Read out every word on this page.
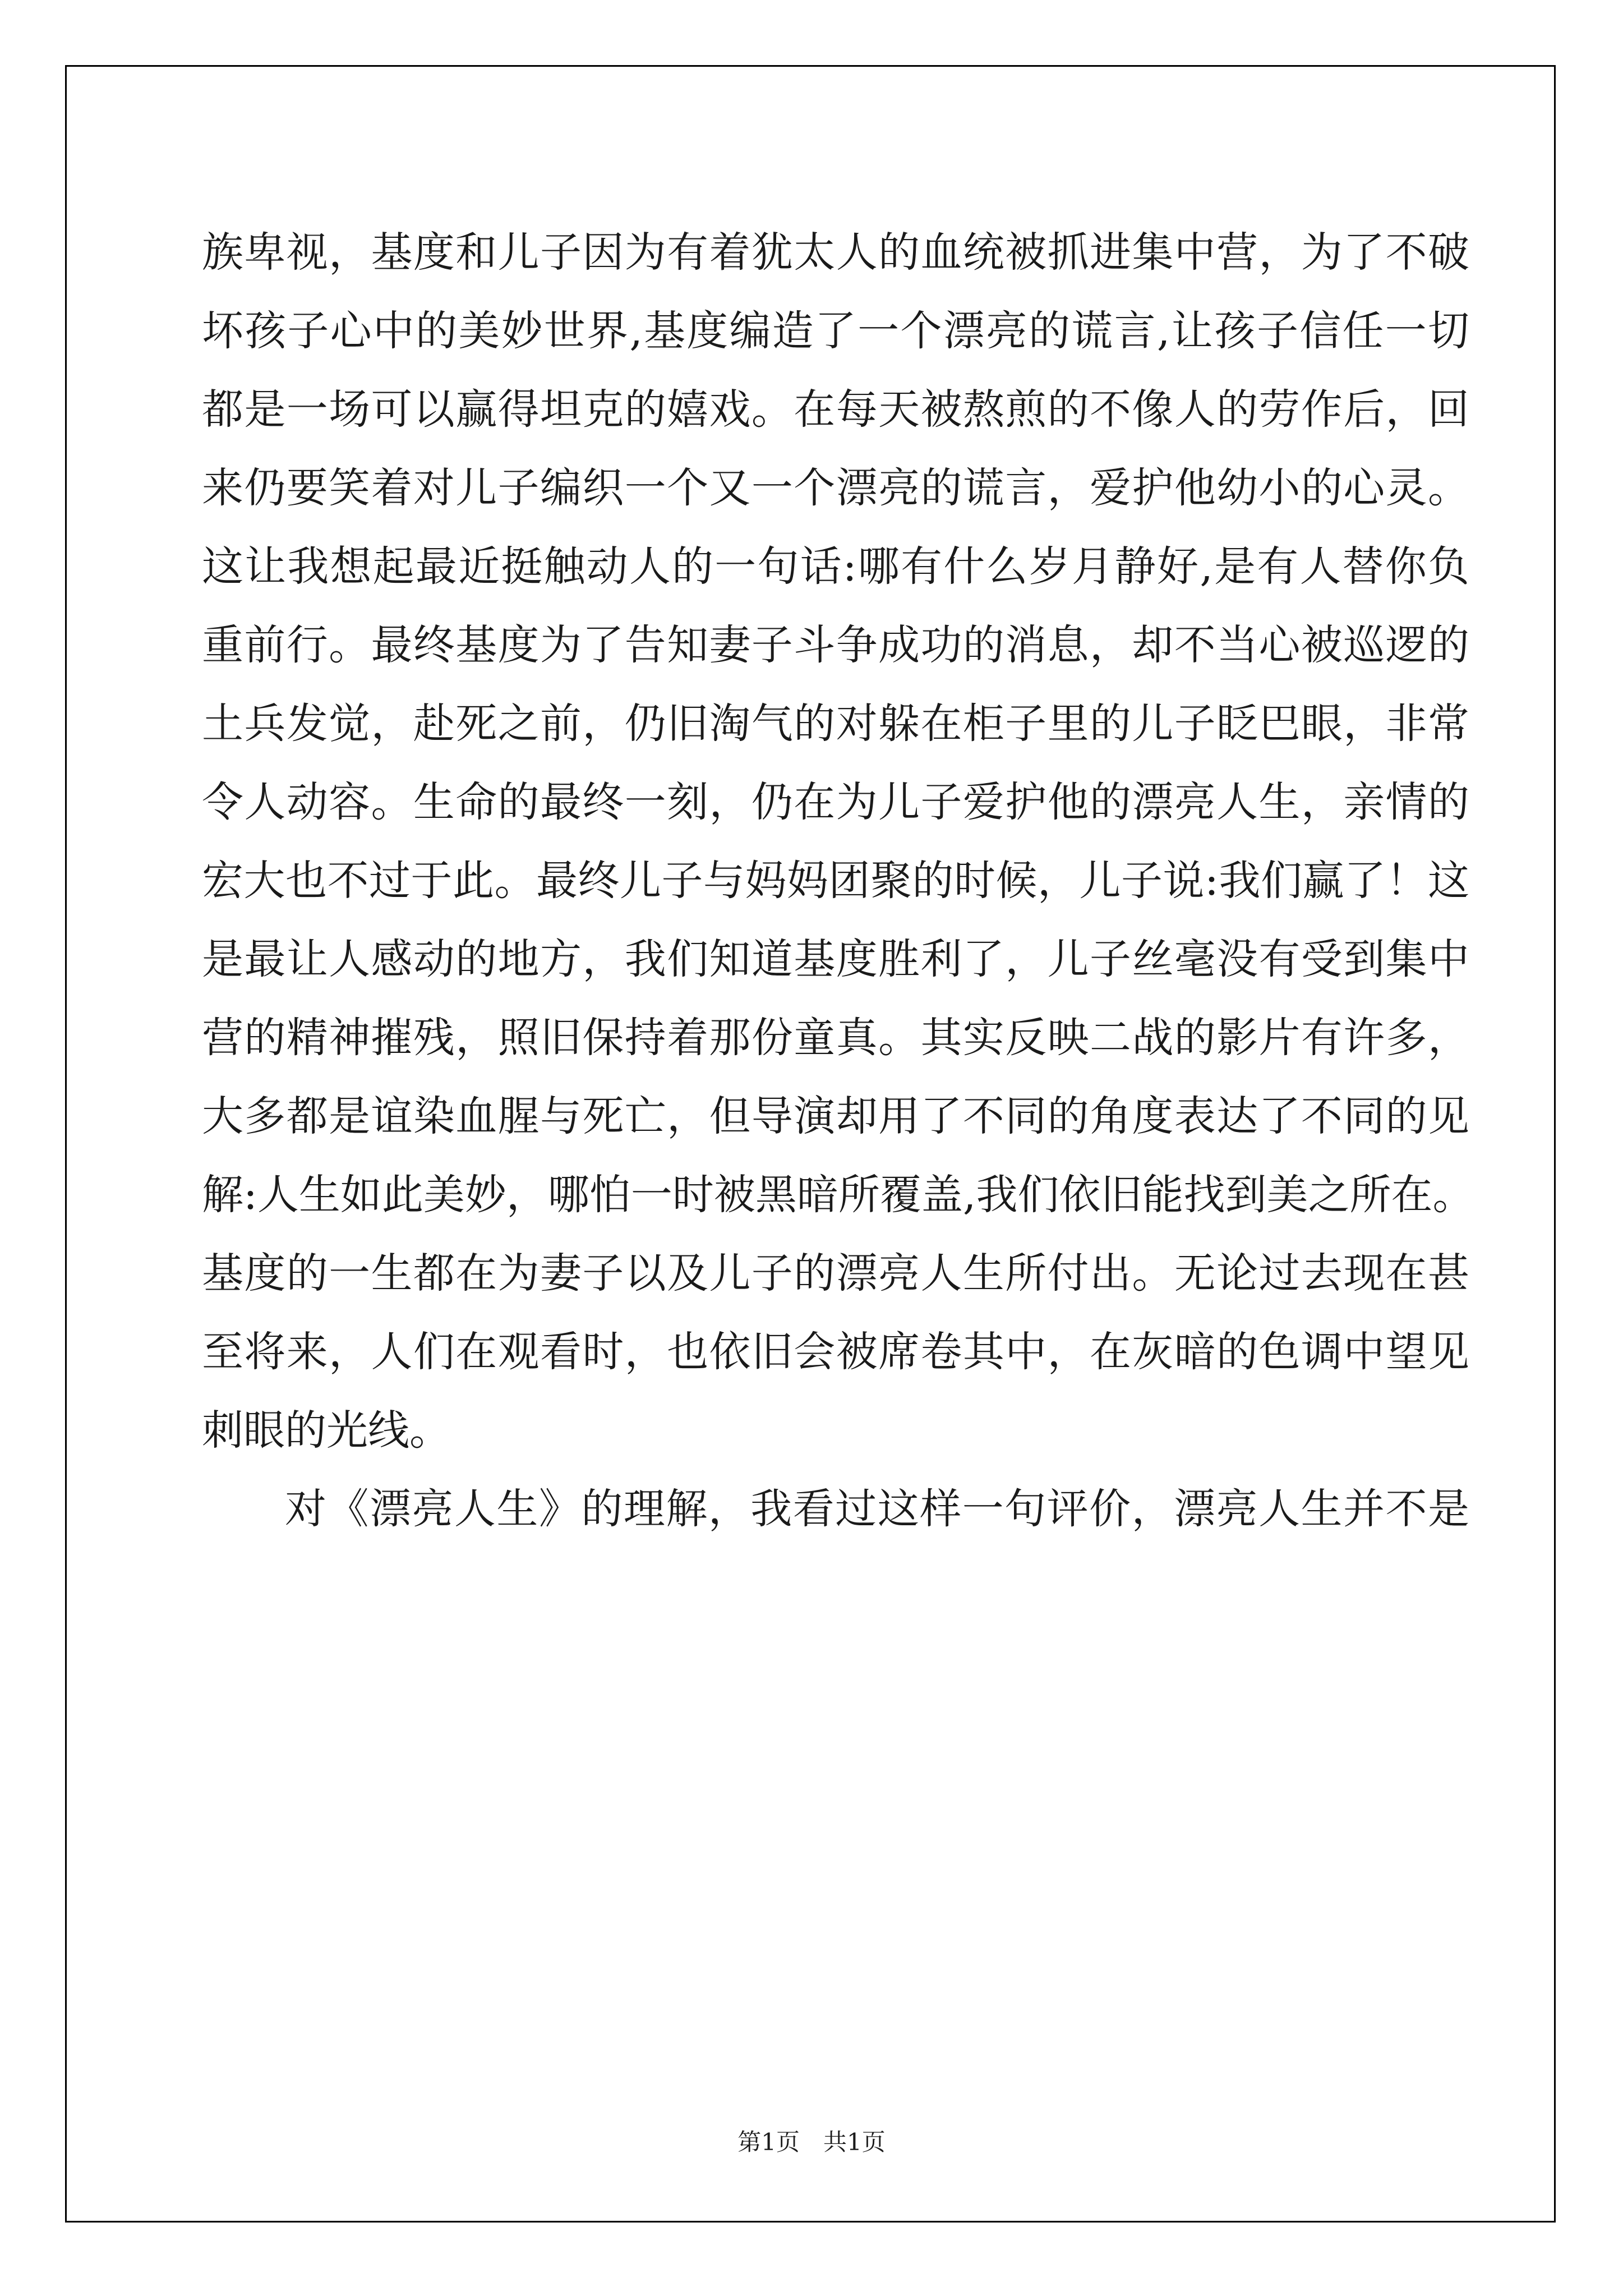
族卑视，基度和儿子因为有着犹太人的血统被抓进集中营，为了不破
坏孩子心中的美妙世界,基度编造了一个漂亮的谎言,让孩子信任一切
都是一场可以赢得坦克的嬉戏。在每天被熬煎的不像人的劳作后，回
来仍要笑着对儿子编织一个又一个漂亮的谎言，爱护他幼小的心灵。
这让我想起最近挺触动人的一句话:哪有什么岁月静好,是有人替你负
重前行。最终基度为了告知妻子斗争成功的消息，却不当心被巡逻的
土兵发觉，赴死之前，仍旧淘气的对躲在柜子里的儿子眨巴眼，非常
令人动容。生命的最终一刻，仍在为儿子爱护他的漂亮人生，亲情的
宏大也不过于此。最终儿子与妈妈团聚的时候，儿子说:我们赢了！这
是最让人感动的地方，我们知道基度胜利了，儿子丝毫没有受到集中
营的精神摧残，照旧保持着那份童真。其实反映二战的影片有许多，
大多都是谊染血腥与死亡，但导演却用了不同的角度表达了不同的见
解:人生如此美妙，哪怕一时被黑暗所覆盖,我们依旧能找到美之所在。
基度的一生都在为妻子以及儿子的漂亮人生所付出。无论过去现在甚
至将来，人们在观看时，也依旧会被席卷其中，在灰暗的色调中望见
刺眼的光线。
对《漂亮人生》的理解，我看过这样一句评价，漂亮人生并不是
第1页　共1页
